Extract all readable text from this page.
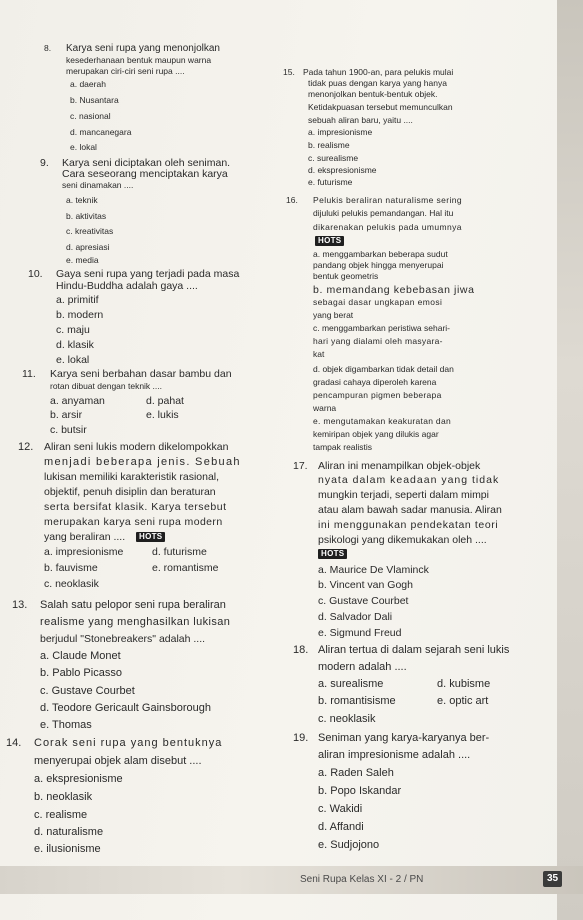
8. Karya seni rupa yang menonjolkan
kesederhanaan bentuk maupun warna
merupakan ciri-ciri seni rupa ....
a. daerah
b. Nusantara
c. nasional
d. mancanegara
e. lokal
9. Karya seni diciptakan oleh seniman.
Cara seseorang menciptakan karya
seni dinamakan ....
a. teknik
b. aktivitas
c. kreativitas
d. apresiasi
e. media
10. Gaya seni rupa yang terjadi pada masa
Hindu-Buddha adalah gaya ....
a. primitif
b. modern
c. maju
d. klasik
e. lokal
11. Karya seni berbahan dasar bambu dan
rotan dibuat dengan teknik ....
a. anyaman	d. pahat
b. arsir	e. lukis
c. butsir
12. Aliran seni lukis modern dikelompokkan
menjadi beberapa jenis. Sebuah
lukisan memiliki karakteristik rasional,
objektif, penuh disiplin dan beraturan
serta bersifat klasik. Karya tersebut
merupakan karya seni rupa modern
yang beraliran ....	HOTS
a. impresionisme	d. futurisme
b. fauvisme	e. romantisme
c. neoklasik
13. Salah satu pelopor seni rupa beraliran
realisme yang menghasilkan lukisan
berjudul "Stonebreakers" adalah ....
a. Claude Monet
b. Pablo Picasso
c. Gustave Courbet
d. Teodore Gericault Gainsborough
e. Thomas
14. Corak seni rupa yang bentuknya
menyerupai objek alam disebut ....
a. ekspresionisme
b. neoklasik
c. realisme
d. naturalisme
e. ilusionisme
15. Pada tahun 1900-an, para pelukis mulai
tidak puas dengan karya yang hanya
menonjolkan bentuk-bentuk objek.
Ketidakpuasan tersebut memunculkan
sebuah aliran baru, yaitu ....
a. impresionisme
b. realisme
c. surealisme
d. ekspresionisme
e. futurisme
16. Pelukis beraliran naturalisme sering
dijuluki pelukis pemandangan. Hal itu
dikarenakan pelukis pada umumnya
HOTS
a. menggambarkan beberapa sudut
pandang objek hingga menyerupai
bentuk geometris
b. memandang kebebasan jiwa
sebagai dasar ungkapan emosi
yang berat
c. menggambarkan peristiwa sehari-
hari yang dialami oleh masyara-
kat
d. objek digambarkan tidak detail dan
gradasi cahaya diperoleh karena
pencampuran pigmen beberapa
warna
e. mengutamakan keakuratan dan
kemiripan objek yang dilukis agar
tampak realistis
17. Aliran ini menampilkan objek-objek
nyata dalam keadaan yang tidak
mungkin terjadi, seperti dalam mimpi
atau alam bawah sadar manusia. Aliran
ini menggunakan pendekatan teori
psikologi yang dikemukakan oleh ....
HOTS
a. Maurice De Vlaminck
b. Vincent van Gogh
c. Gustave Courbet
d. Salvador Dali
e. Sigmund Freud
18. Aliran tertua di dalam sejarah seni lukis
modern adalah ....
a. surealisme	d. kubisme
b. romantisisme	e. optic art
c. neoklasik
19. Seniman yang karya-karyanya ber-
aliran impresionisme adalah ....
a. Raden Saleh
b. Popo Iskandar
c. Wakidi
d. Affandi
e. Sudjojono
Seni Rupa Kelas XI - 2 / PN	35
